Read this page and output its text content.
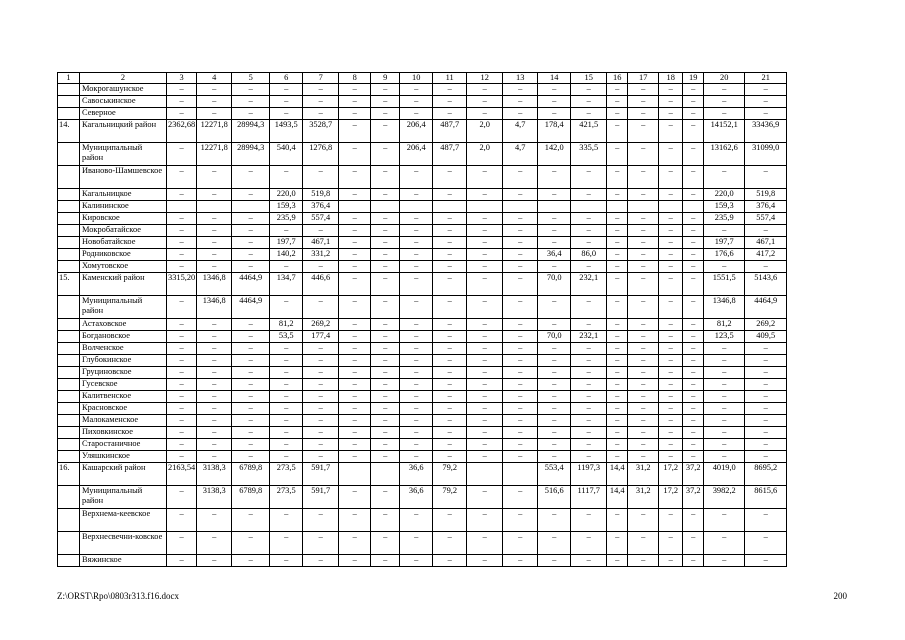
1	2	3	4	5	6	7	8	9	10	11	12	13	14	15	16	17	18	19	20	21
	Мокрогашунское	–	–	–	–	–	–	–	–	–	–	–	–	–	–	–	–	–	–	–
	Савоськинское	–	–	–	–	–	–	–	–	–	–	–	–	–	–	–	–	–	–	–
	Северное	–	–	–	–	–	–	–	–	–	–	–	–	–	–	–	–	–	–	–
14.	Кагальницкий район	2362,68	12271,8	28994,3	1493,5	3528,7	–	–	206,4	487,7	2,0	4,7	178,4	421,5	–	–	–	–	14152,1	33436,9
	Муниципальный район	–	12271,8	28994,3	540,4	1276,8	–	–	206,4	487,7	2,0	4,7	142,0	335,5	–	–	–	–	13162,6	31099,0
	Ивановo-Шамшевское	–	–	–	–	–	–	–	–	–	–	–	–	–	–	–	–	–	–	–
	Кагальницкое	–	–	–	220,0	519,8	–	–	–	–	–	–	–	–	–	–	–	–	220,0	519,8
	Калининское				159,3	376,4													159,3	376,4
	Кировское	–	–	–	235,9	557,4	–	–	–	–	–	–	–	–	–	–	–	–	235,9	557,4
	Мокробатайское	–	–	–	–	–	–	–	–	–	–	–	–	–	–	–	–	–	–	–
	Новобатайское	–	–	–	197,7	467,1	–	–	–	–	–	–	–	–	–	–	–	–	197,7	467,1
	Родниковское	–	–	–	140,2	331,2	–	–	–	–	–	–	36,4	86,0	–	–	–	–	176,6	417,2
	Хомутовское	–	–	–	–	–	–	–	–	–	–	–	–	–	–	–	–	–	–	–
15.	Каменский район	3315,20	1346,8	4464,9	134,7	446,6	–	–	–	–	–	–	70,0	232,1	–	–	–	–	1551,5	5143,6
	Муниципальный район	–	1346,8	4464,9	–	–	–	–	–	–	–	–	–	–	–	–	–	–	1346,8	4464,9
	Астаховское	–	–	–	81,2	269,2	–	–	–	–	–	–	–	–	–	–	–	–	81,2	269,2
	Богдановское	–	–	–	53,5	177,4	–	–	–	–	–	–	70,0	232,1	–	–	–	–	123,5	409,5
	Волченское	–	–	–	–	–	–	–	–	–	–	–	–	–	–	–	–	–	–	–
	Глубокинское	–	–	–	–	–	–	–	–	–	–	–	–	–	–	–	–	–	–	–
	Груциновское	–	–	–	–	–	–	–	–	–	–	–	–	–	–	–	–	–	–	–
	Гусевское	–	–	–	–	–	–	–	–	–	–	–	–	–	–	–	–	–	–	–
	Калитвенское	–	–	–	–	–	–	–	–	–	–	–	–	–	–	–	–	–	–	–
	Красновское	–	–	–	–	–	–	–	–	–	–	–	–	–	–	–	–	–	–	–
	Малокаменское	–	–	–	–	–	–	–	–	–	–	–	–	–	–	–	–	–	–	–
	Пиховкинское	–	–	–	–	–	–	–	–	–	–	–	–	–	–	–	–	–	–	–
	Старостаничное	–	–	–	–	–	–	–	–	–	–	–	–	–	–	–	–	–	–	–
	Уляшкинское	–	–	–	–	–	–	–	–	–	–	–	–	–	–	–	–	–	–	–
16.	Кашарский район	2163,54	3138,3	6789,8	273,5	591,7			36,6	79,2			553,4	1197,3	14,4	31,2	17,2	37,2	4019,0	8695,2
	Муниципальный район	–	3138,3	6789,8	273,5	591,7	–	–	36,6	79,2	–	–	516,6	1117,7	14,4	31,2	17,2	37,2	3982,2	8615,6
	Верхнема-кеевское	–	–	–	–	–	–	–	–	–	–	–	–	–	–	–	–	–	–	–
	Верхнесвечни-ковское	–	–	–	–	–	–	–	–	–	–	–	–	–	–	–	–	–	–	–
	Вяжинское	–	–	–	–	–	–	–	–	–	–	–	–	–	–	–	–	–	–	–
Z:\ORST\Rpo\0803r313.f16.docx	200
